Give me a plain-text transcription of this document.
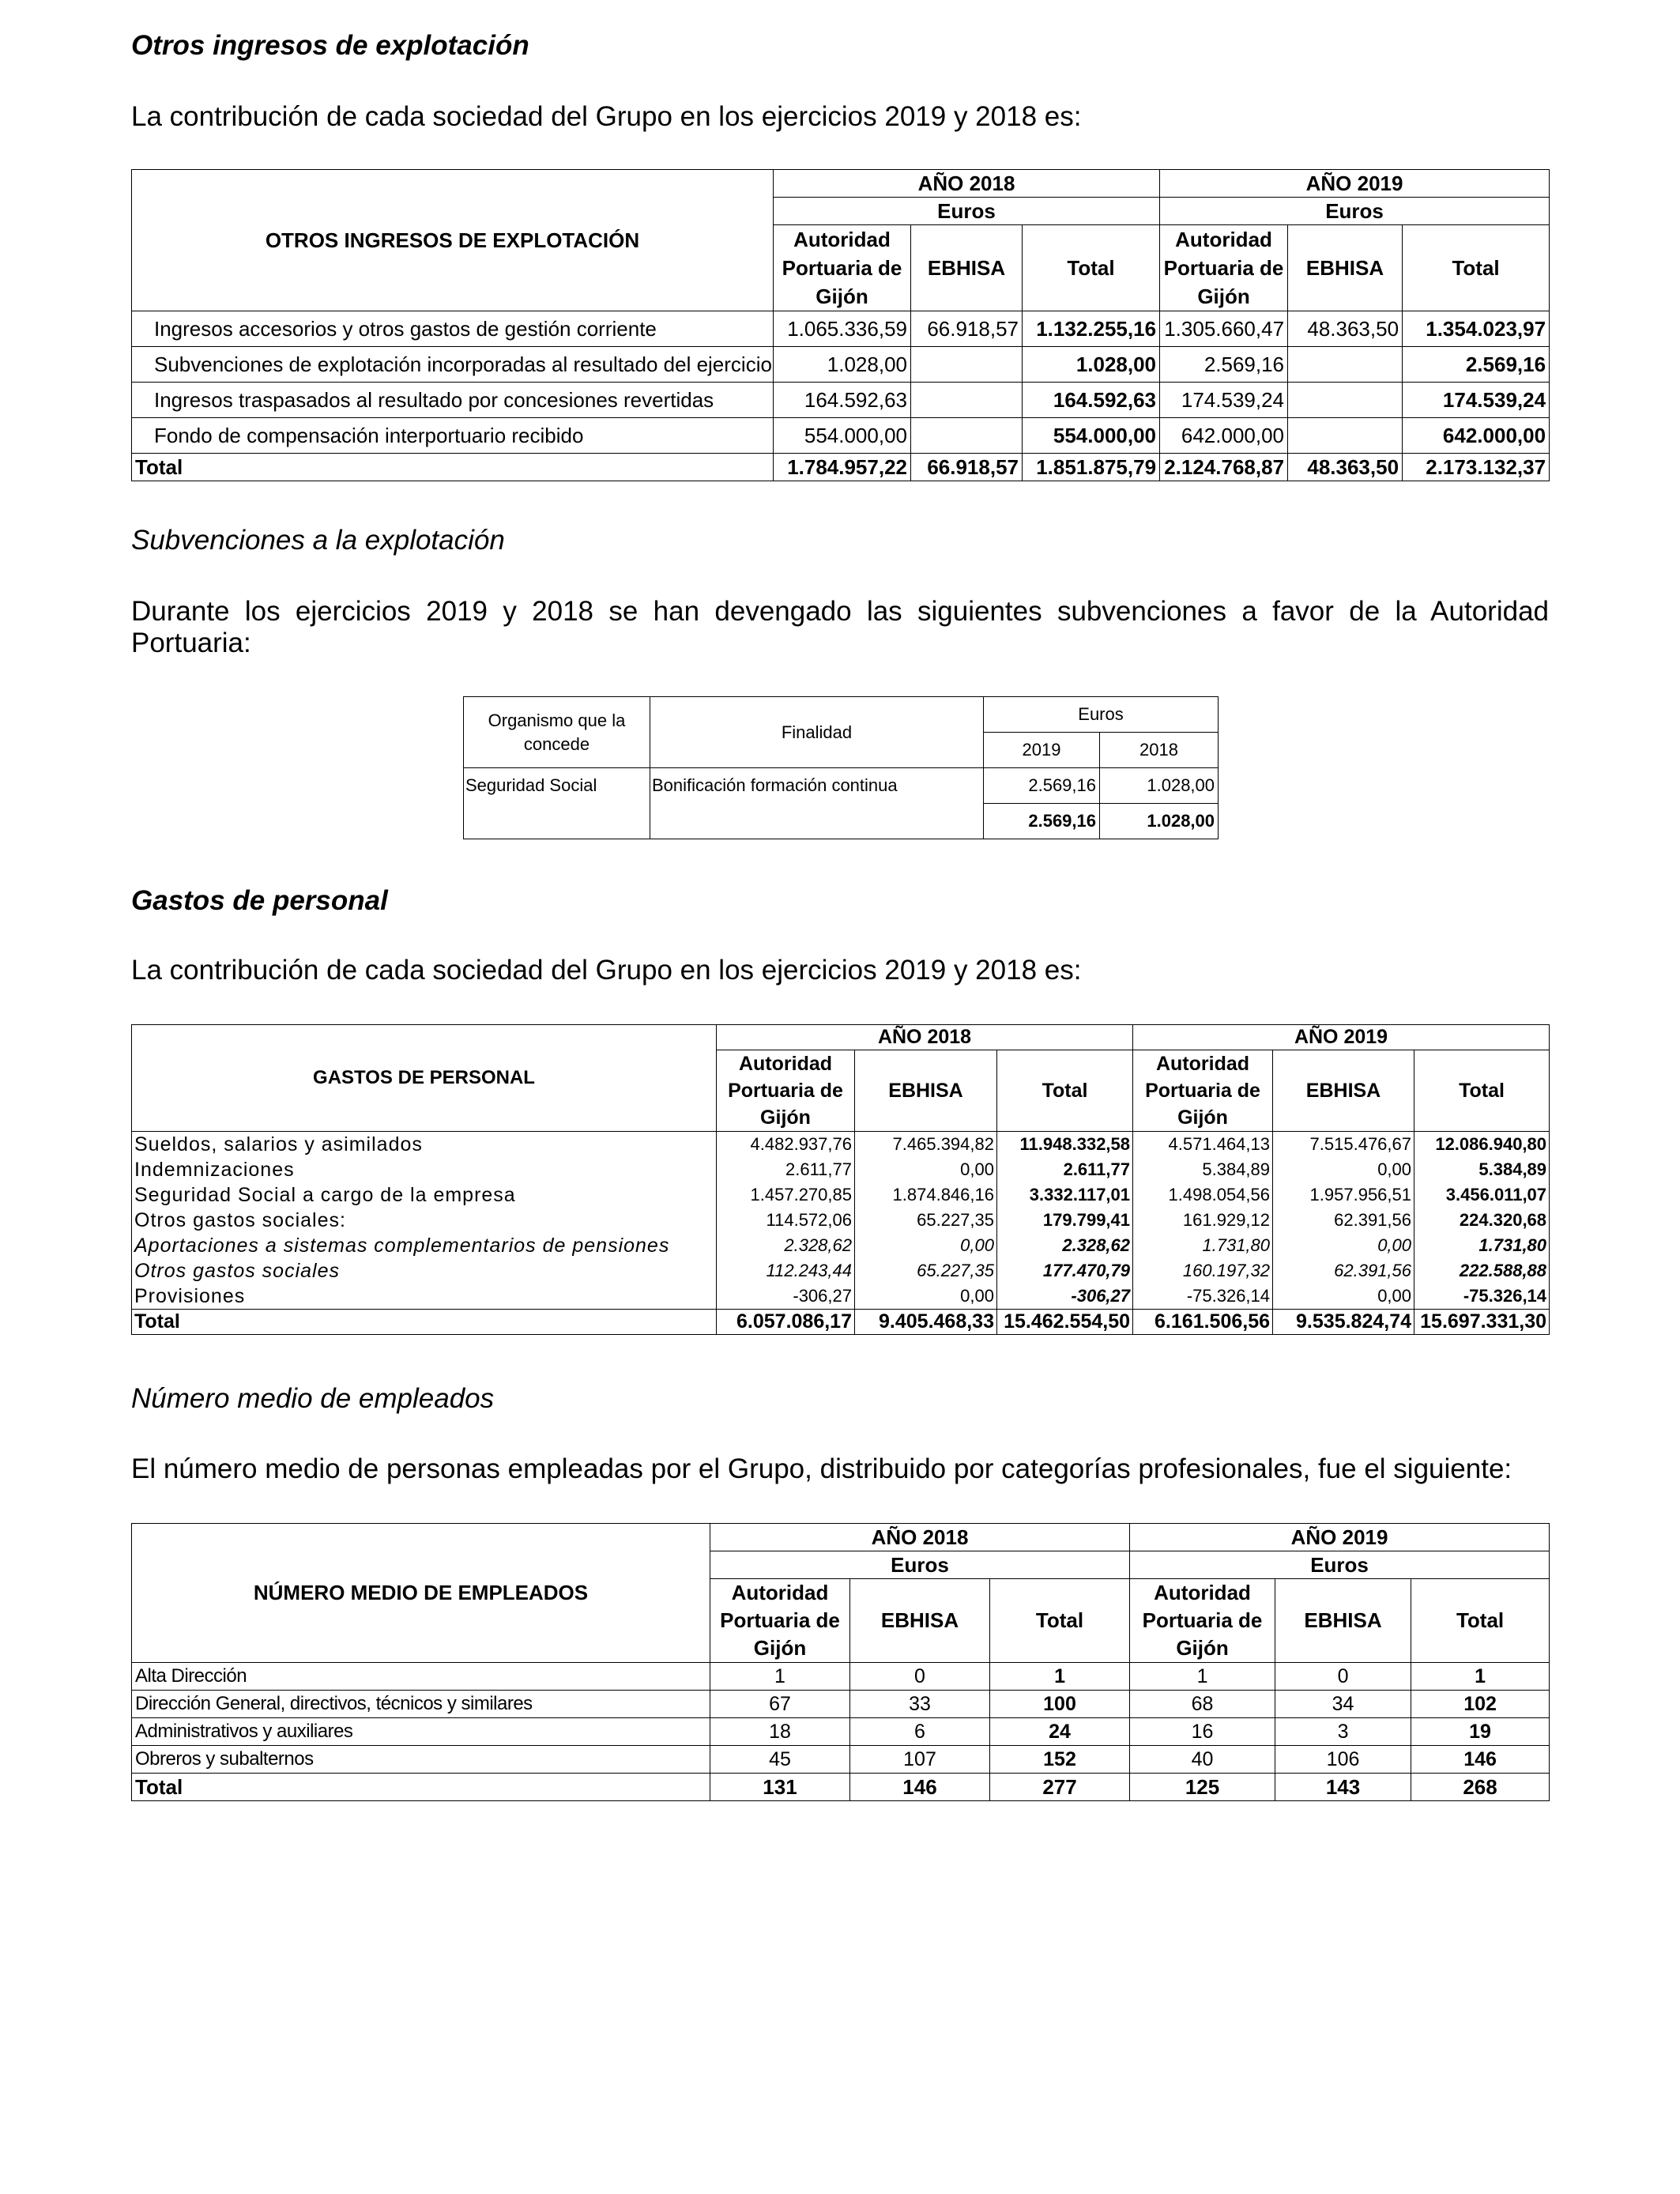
Otros ingresos de explotación
La contribución de cada sociedad del Grupo en los ejercicios 2019 y 2018 es:
OTROS INGRESOS DE EXPLOTACIÓN	AÑO 2018			AÑO 2019		
	Euros			Euros		
	Autoridad Portuaria de Gijón	EBHISA	Total	Autoridad Portuaria de Gijón	EBHISA	Total
Ingresos accesorios y otros gastos de gestión corriente	1.065.336,59	66.918,57	1.132.255,16	1.305.660,47	48.363,50	1.354.023,97
Subvenciones de explotación incorporadas al resultado del ejercicio	1.028,00		1.028,00	2.569,16		2.569,16
Ingresos traspasados al resultado por concesiones revertidas	164.592,63		164.592,63	174.539,24		174.539,24
Fondo de compensación interportuario recibido	554.000,00		554.000,00	642.000,00		642.000,00
Total	1.784.957,22	66.918,57	1.851.875,79	2.124.768,87	48.363,50	2.173.132,37
Subvenciones a la explotación
Durante los ejercicios 2019 y 2018 se han devengado las siguientes subvenciones a favor de la Autoridad Portuaria:
Organismo que la concede	Finalidad	Euros	
		2019	2018
Seguridad Social	Bonificación formación continua	2.569,16	1.028,00
		2.569,16	1.028,00
Gastos de personal
La contribución de cada sociedad del Grupo en los ejercicios 2019 y 2018 es:
GASTOS DE PERSONAL	AÑO 2018			AÑO 2019		
	Autoridad Portuaria de Gijón	EBHISA	Total	Autoridad Portuaria de Gijón	EBHISA	Total
Sueldos, salarios y asimilados	4.482.937,76	7.465.394,82	11.948.332,58	4.571.464,13	7.515.476,67	12.086.940,80
Indemnizaciones	2.611,77	0,00	2.611,77	5.384,89	0,00	5.384,89
Seguridad Social a cargo de la empresa	1.457.270,85	1.874.846,16	3.332.117,01	1.498.054,56	1.957.956,51	3.456.011,07
Otros gastos sociales:	114.572,06	65.227,35	179.799,41	161.929,12	62.391,56	224.320,68
Aportaciones a sistemas complementarios de pensiones	2.328,62	0,00	2.328,62	1.731,80	0,00	1.731,80
Otros gastos sociales	112.243,44	65.227,35	177.470,79	160.197,32	62.391,56	222.588,88
Provisiones	-306,27	0,00	-306,27	-75.326,14	0,00	-75.326,14
Total	6.057.086,17	9.405.468,33	15.462.554,50	6.161.506,56	9.535.824,74	15.697.331,30
Número medio de empleados
El número medio de personas empleadas por el Grupo, distribuido por categorías profesionales, fue el siguiente:
NÚMERO MEDIO DE EMPLEADOS	AÑO 2018			AÑO 2019		
	Euros			Euros		
	Autoridad Portuaria de Gijón	EBHISA	Total	Autoridad Portuaria de Gijón	EBHISA	Total
Alta Dirección	1	0	1	1	0	1
Dirección General, directivos, técnicos y similares	67	33	100	68	34	102
Administrativos y auxiliares	18	6	24	16	3	19
Obreros y subalternos	45	107	152	40	106	146
Total	131	146	277	125	143	268
